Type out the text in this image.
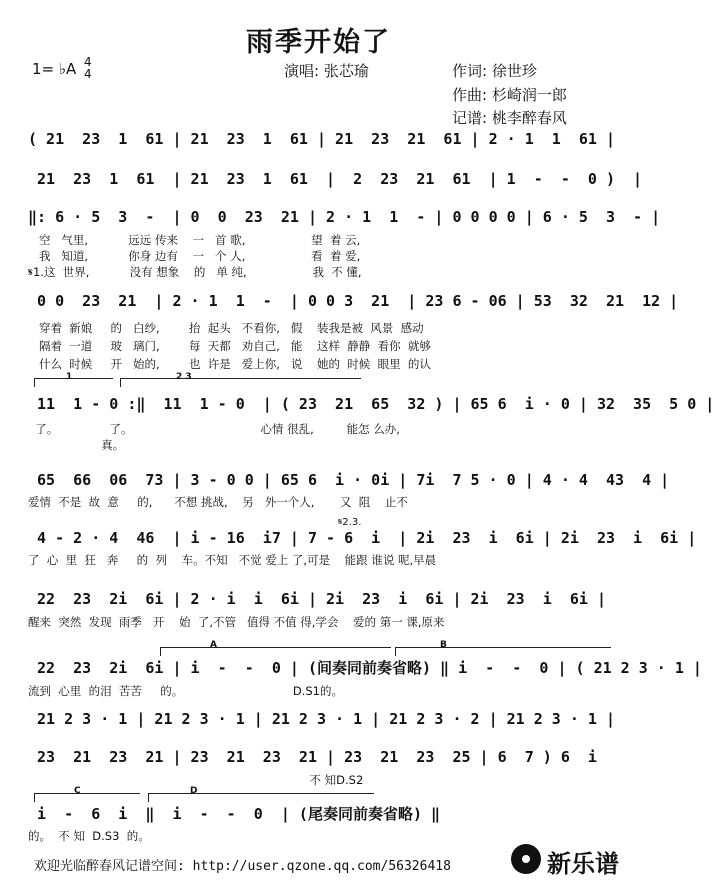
雨季开始了
1= ♭A 4
4	演唱: 张芯瑜	作词: 徐世珍
作曲: 杉崎润一郎
记谱: 桃李醉春风
( 21  23  1  61 | 21  23  1  61 | 21  23  21  61 | 2 · 1  1  61 |
21  23  1  61  | 21  23  1  61  |  2  23  21  61  | 1  -  -  0 )  |
‖: 6 · 5  3  -  | 0  0  23  21 | 2 · 1  1  - | 0 0 0 0 | 6 · 5  3  - |
空   气里,           远远 传来    一   首 歌,                  望  着 云,
我   知道,           你身 边有    一   个 人,                  看  着 爱,
𝄋1.这  世界,           没有 想象    的   单 纯,                  我  不 懂,
0 0  23  21  | 2 · 1  1  -  | 0 0 3  21  | 23 6 - 06 | 53  32  21  12 |
穿着  新娘     的   白纱,        抬  起头   不看你,   假    装我是被  风景  感动
隔着  一道     玻   璃门,        每  天都   劝自己,   能    这样  静静  看你  就够
什么  时候     开   始的,        也  许是   爱上你,   说    她的  时候  眼里  的认
1	2 3
11  1 - 0 :‖  11  1 - 0  | ( 23  21  65  32 ) | 65 6  i · 0 | 32  35  5 0 |
了。              了。                                   心情 很乱,         能怎 么办,
真。
65  66  06  73 | 3 - 0 0 | 65 6  i · 0i | 7i  7 5 · 0 | 4 · 4  43  4 |
爱情  不是  故  意     的,      不想 挑战,    另   外一个人,       又  阻    止不
𝄋2.3.
4 - 2 · 4  46  | i - 16  i7 | 7 - 6  i  | 2i  23  i  6i | 2i  23  i  6i |
了  心  里  狂   奔     的  列    车。不知   不觉 爱上 了,可是    能跟 谁说 呢,早晨
22  23  2i  6i | 2 · i  i  6i | 2i  23  i  6i | 2i  23  i  6i |
醒来  突然  发现  雨季   开    始  了,不管   值得 不值 得,学会    爱的 第一 课,原来
A	B
22  23  2i  6i | i  -  -  0 | (间奏同前奏省略) ‖ i  -  -  0 | ( 21 2 3 · 1 |
流到  心里  的泪  苦苦     的。                              D.S1的。
21 2 3 · 1 | 21 2 3 · 1 | 21 2 3 · 1 | 21 2 3 · 2 | 21 2 3 · 1 |
23  21  23  21 | 23  21  23  21 | 23  21  23  25 | 6  7 ) 6  i
不 知D.S2
C	D
i  -  6  i  ‖  i  -  -  0  | (尾奏同前奏省略) ‖
的。  不 知  D.S3  的。
欢迎光临醉春风记谱空间: http://user.qzone.qq.com/56326418	新乐谱
